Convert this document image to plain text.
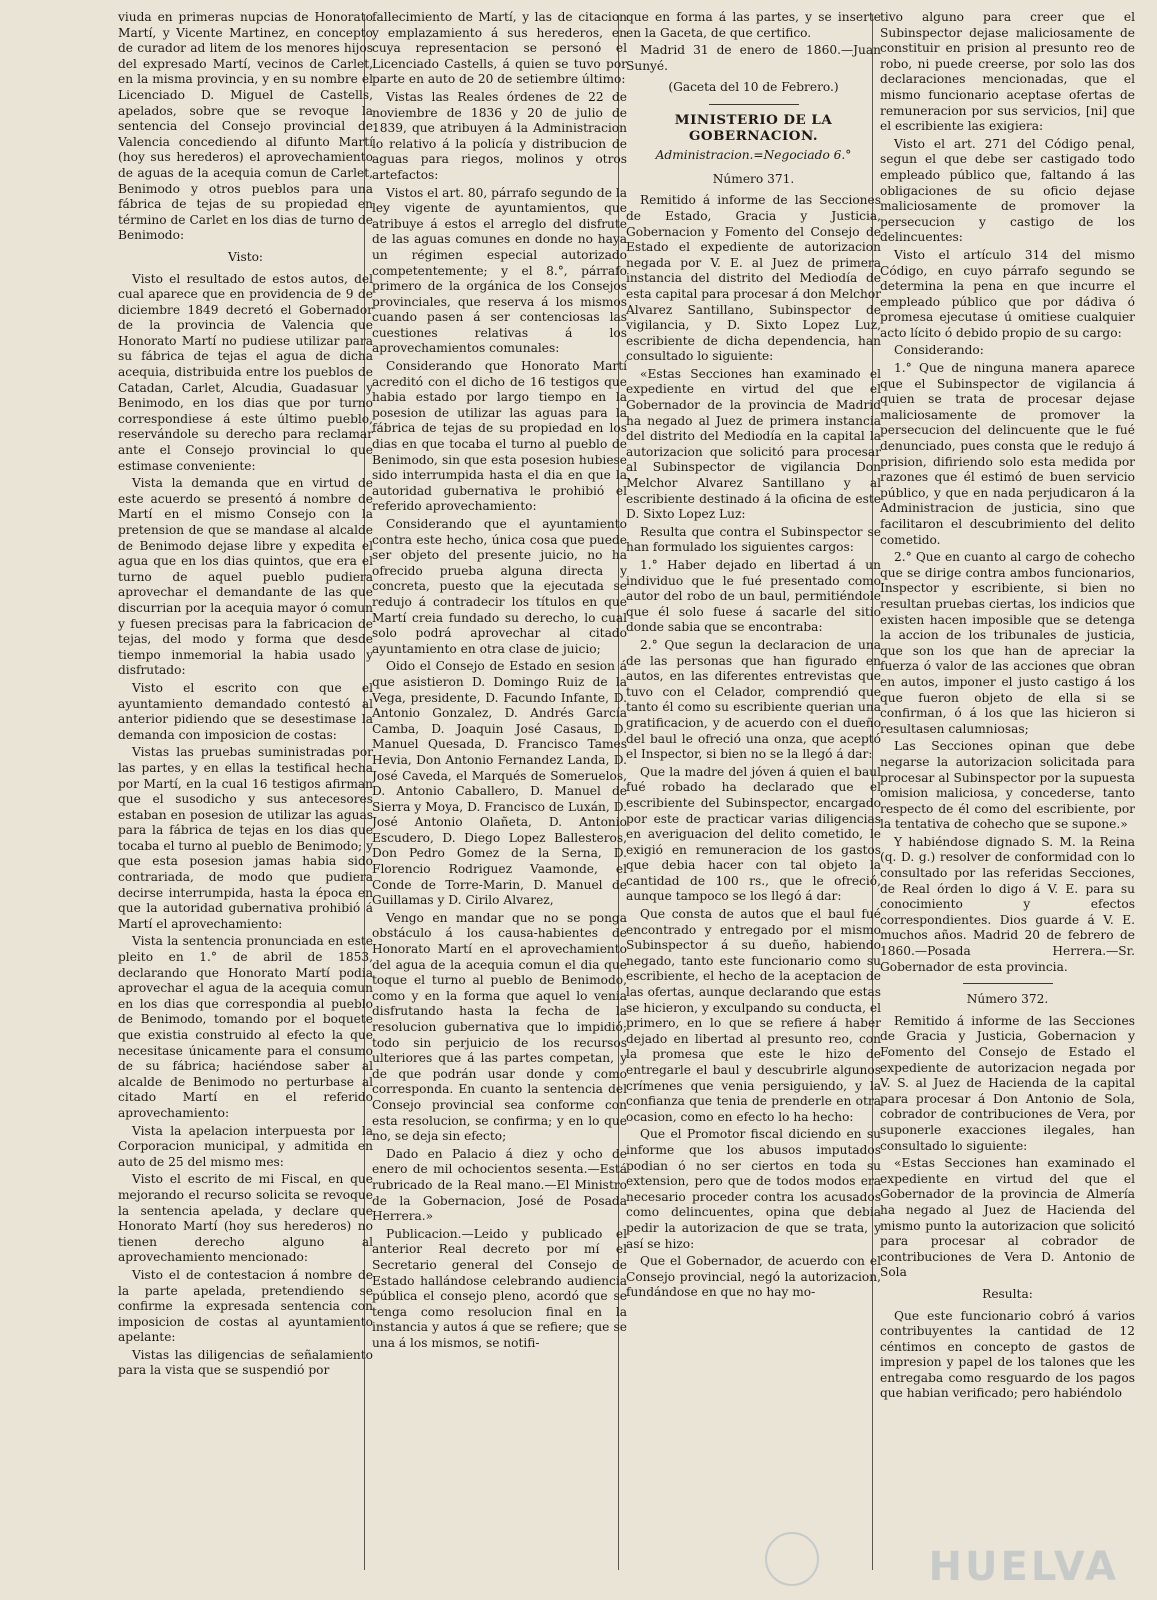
viuda en primeras nupcias de Honorato Martí, y Vicente Martinez, en concepto de curador ad litem de los menores hijos del expresado Martí, vecinos de Carlet, en la misma provincia, y en su nombre el Licenciado D. Miguel de Castells, apelados, sobre que se revoque la sentencia del Consejo provincial de Valencia concediendo al difunto Martí (hoy sus herederos) el aprovechamiento de aguas de la acequia comun de Carlet, Benimodo y otros pueblos para una fábrica de tejas de su propiedad en término de Carlet en los dias de turno de Benimodo:

Visto:

Visto el resultado de estos autos, del cual aparece que en providencia de 9 de diciembre 1849 decretó el Gobernador de la provincia de Valencia que Honorato Martí no pudiese utilizar para su fábrica de tejas el agua de dicha acequia, distribuida entre los pueblos de Catadan, Carlet, Alcudia, Guadasuar y Benimodo, en los dias que por turno correspondiese á este último pueblo, reservándole su derecho para reclamar ante el Consejo provincial lo que estimase conveniente:

Vista la demanda que en virtud de este acuerdo se presentó á nombre de Martí en el mismo Consejo con la pretension de que se mandase al alcalde de Benimodo dejase libre y expedita el agua que en los dias quintos, que era el turno de aquel pueblo pudiera aprovechar el demandante de las que discurrian por la acequia mayor ó comun y fuesen precisas para la fabricacion de tejas, del modo y forma que desde tiempo inmemorial la habia usado y disfrutado:

Visto el escrito con que el ayuntamiento demandado contestó al anterior pidiendo que se desestimase la demanda con imposicion de costas:

Vistas las pruebas suministradas por las partes, y en ellas la testifical hecha por Martí, en la cual 16 testigos afirman que el susodicho y sus antecesores estaban en posesion de utilizar las aguas para la fábrica de tejas en los dias que tocaba el turno al pueblo de Benimodo; y que esta posesion jamas habia sido contrariada, de modo que pudiera decirse interrumpida, hasta la época en que la autoridad gubernativa prohibió á Martí el aprovechamiento:

Vista la sentencia pronunciada en este pleito en 1.° de abril de 1853, declarando que Honorato Martí podia aprovechar el agua de la acequia comun en los dias que correspondia al pueblo de Benimodo, tomando por el boquete que existia construido al efecto la que necesitase únicamente para el consumo de su fábrica; haciéndose saber al alcalde de Benimodo no perturbase al citado Martí en el referido aprovechamiento:

Vista la apelacion interpuesta por la Corporacion municipal, y admitida en auto de 25 del mismo mes:

Visto el escrito de mi Fiscal, en que mejorando el recurso solicita se revoque la sentencia apelada, y declare que Honorato Martí (hoy sus herederos) no tienen derecho alguno al aprovechamiento mencionado:

Visto el de contestacion á nombre de la parte apelada, pretendiendo se confirme la expresada sentencia con imposicion de costas al ayuntamiento apelante:

Vistas las diligencias de señalamiento para la vista que se suspendió por

fallecimiento de Martí, y las de citacion y emplazamiento á sus herederos, en cuya representacion se personó el Licenciado Castells, á quien se tuvo por parte en auto de 20 de setiembre último:

Vistas las Reales órdenes de 22 de noviembre de 1836 y 20 de julio de 1839, que atribuyen á la Administracion lo relativo á la policía y distribucion de aguas para riegos, molinos y otros artefactos:

Vistos el art. 80, párrafo segundo de la ley vigente de ayuntamientos, que atribuye á estos el arreglo del disfrute de las aguas comunes en donde no haya un régimen especial autorizado competentemente; y el 8.°, párrafo primero de la orgánica de los Consejos provinciales, que reserva á los mismos cuando pasen á ser contenciosas las cuestiones relativas á los aprovechamientos comunales:

Considerando que Honorato Martí acreditó con el dicho de 16 testigos que habia estado por largo tiempo en la posesion de utilizar las aguas para la fábrica de tejas de su propiedad en los dias en que tocaba el turno al pueblo de Benimodo, sin que esta posesion hubiese sido interrumpida hasta el dia en que la autoridad gubernativa le prohibió el referido aprovechamiento:

Considerando que el ayuntamiento contra este hecho, única cosa que puede ser objeto del presente juicio, no ha ofrecido prueba alguna directa y concreta, puesto que la ejecutada se redujo á contradecir los títulos en que Martí creia fundado su derecho, lo cual solo podrá aprovechar al citado ayuntamiento en otra clase de juicio;

Oido el Consejo de Estado en sesion á que asistieron D. Domingo Ruiz de la Vega, presidente, D. Facundo Infante, D. Antonio Gonzalez, D. Andrés García Camba, D. Joaquin José Casaus, D. Manuel Quesada, D. Francisco Tames Hevia, Don Antonio Fernandez Landa, D. José Caveda, el Marqués de Someruelos, D. Antonio Caballero, D. Manuel de Sierra y Moya, D. Francisco de Luxán, D. José Antonio Olañeta, D. Antonio Escudero, D. Diego Lopez Ballesteros, Don Pedro Gomez de la Serna, D. Florencio Rodriguez Vaamonde, el Conde de Torre-Marin, D. Manuel de Guillamas y D. Cirilo Alvarez,

Vengo en mandar que no se ponga obstáculo á los causa-habientes de Honorato Martí en el aprovechamiento del agua de la acequia comun el dia que toque el turno al pueblo de Benimodo, como y en la forma que aquel lo venia disfrutando hasta la fecha de la resolucion gubernativa que lo impidió; todo sin perjuicio de los recursos ulteriores que á las partes competan, y de que podrán usar donde y como corresponda. En cuanto la sentencia del Consejo provincial sea conforme con esta resolucion, se confirma; y en lo que no, se deja sin efecto;

Dado en Palacio á diez y ocho de enero de mil ochocientos sesenta.—Está rubricado de la Real mano.—El Ministro de la Gobernacion, José de Posada Herrera.»

Publicacion.—Leido y publicado el anterior Real decreto por mí el Secretario general del Consejo de Estado hallándose celebrando audiencia pública el consejo pleno, acordó que se tenga como resolucion final en la instancia y autos á que se refiere; que se una á los mismos, se notifi-

que en forma á las partes, y se inserte en la Gaceta, de que certifico.

Madrid 31 de enero de 1860.—Juan Sunyé.

(Gaceta del 10 de Febrero.)

MINISTERIO DE LA GOBERNACION.
Administracion.=Negociado 6.°

Número 371.

Remitido á informe de las Secciones de Estado, Gracia y Justicia, Gobernacion y Fomento del Consejo de Estado el expediente de autorizacion negada por V. E. al Juez de primera instancia del distrito del Mediodía de esta capital para procesar á don Melchor Alvarez Santillano, Subinspector de vigilancia, y D. Sixto Lopez Luz, escribiente de dicha dependencia, han consultado lo siguiente:

«Estas Secciones han examinado el expediente en virtud del que el Gobernador de la provincia de Madrid ha negado al Juez de primera instancia del distrito del Mediodía en la capital la autorizacion que solicitó para procesar al Subinspector de vigilancia Don Melchor Alvarez Santillano y al escribiente destinado á la oficina de este D. Sixto Lopez Luz:

Resulta que contra el Subinspector se han formulado los siguientes cargos:

1.° Haber dejado en libertad á un individuo que le fué presentado como autor del robo de un baul, permitiéndole que él solo fuese á sacarle del sitio donde sabia que se encontraba:

2.° Que segun la declaracion de una de las personas que han figurado en autos, en las diferentes entrevistas que tuvo con el Celador, comprendió que tanto él como su escribiente querian una gratificacion, y de acuerdo con el dueño del baul le ofreció una onza, que aceptó el Inspector, si bien no se la llegó á dar:

Que la madre del jóven á quien el baul fué robado ha declarado que el escribiente del Subinspector, encargado por este de practicar varias diligencias en averiguacion del delito cometido, le exigió en remuneracion de los gastos que debia hacer con tal objeto la cantidad de 100 rs., que le ofreció, aunque tampoco se los llegó á dar:

Que consta de autos que el baul fué encontrado y entregado por el mismo Subinspector á su dueño, habiendo negado, tanto este funcionario como su escribiente, el hecho de la aceptacion de las ofertas, aunque declarando que estas se hicieron, y exculpando su conducta, el primero, en lo que se refiere á haber dejado en libertad al presunto reo, con la promesa que este le hizo de entregarle el baul y descubrirle algunos crímenes que venia persiguiendo, y la confianza que tenia de prenderle en otra ocasion, como en efecto lo ha hecho:

Que el Promotor fiscal diciendo en su informe que los abusos imputados podian ó no ser ciertos en toda su extension, pero que de todos modos era necesario proceder contra los acusados como delincuentes, opina que debia pedir la autorizacion de que se trata, y así se hizo:

Que el Gobernador, de acuerdo con el Consejo provincial, negó la autorizacion, fundándose en que no hay mo-

tivo alguno para creer que el Subinspector dejase maliciosamente de constituir en prision al presunto reo de robo, ni puede creerse, por solo las dos declaraciones mencionadas, que el mismo funcionario aceptase ofertas de remuneracion por sus servicios, [ni] que el escribiente las exigiera:

Visto el art. 271 del Código penal, segun el que debe ser castigado todo empleado público que, faltando á las obligaciones de su oficio dejase maliciosamente de promover la persecucion y castigo de los delincuentes:

Visto el artículo 314 del mismo Código, en cuyo párrafo segundo se determina la pena en que incurre el empleado público que por dádiva ó promesa ejecutase ú omitiese cualquier acto lícito ó debido propio de su cargo:

Considerando:

1.° Que de ninguna manera aparece que el Subinspector de vigilancia á quien se trata de procesar dejase maliciosamente de promover la persecucion del delincuente que le fué denunciado, pues consta que le redujo á prision, difiriendo solo esta medida por razones que él estimó de buen servicio público, y que en nada perjudicaron á la Administracion de justicia, sino que facilitaron el descubrimiento del delito cometido.

2.° Que en cuanto al cargo de cohecho que se dirige contra ambos funcionarios, Inspector y escribiente, si bien no resultan pruebas ciertas, los indicios que existen hacen imposible que se detenga la accion de los tribunales de justicia, que son los que han de apreciar la fuerza ó valor de las acciones que obran en autos, imponer el justo castigo á los que fueron objeto de ella si se confirman, ó á los que las hicieron si resultasen calumniosas;

Las Secciones opinan que debe negarse la autorizacion solicitada para procesar al Subinspector por la supuesta omision maliciosa, y concederse, tanto respecto de él como del escribiente, por la tentativa de cohecho que se supone.»

Y habiéndose dignado S. M. la Reina (q. D. g.) resolver de conformidad con lo consultado por las referidas Secciones, de Real órden lo digo á V. E. para su conocimiento y efectos correspondientes. Dios guarde á V. E. muchos años. Madrid 20 de febrero de 1860.—Posada Herrera.—Sr. Gobernador de esta provincia.

Número 372.

Remitido á informe de las Secciones de Gracia y Justicia, Gobernacion y Fomento del Consejo de Estado el expediente de autorizacion negada por V. S. al Juez de Hacienda de la capital para procesar á Don Antonio de Sola, cobrador de contribuciones de Vera, por suponerle exacciones ilegales, han consultado lo siguiente:

«Estas Secciones han examinado el expediente en virtud del que el Gobernador de la provincia de Almería ha negado al Juez de Hacienda del mismo punto la autorizacion que solicitó para procesar al cobrador de contribuciones de Vera D. Antonio de Sola

Resulta:

Que este funcionario cobró á varios contribuyentes la cantidad de 12 céntimos en concepto de gastos de impresion y papel de los talones que les entregaba como resguardo de los pagos que habian verificado; pero habiéndolo

HUELVA
